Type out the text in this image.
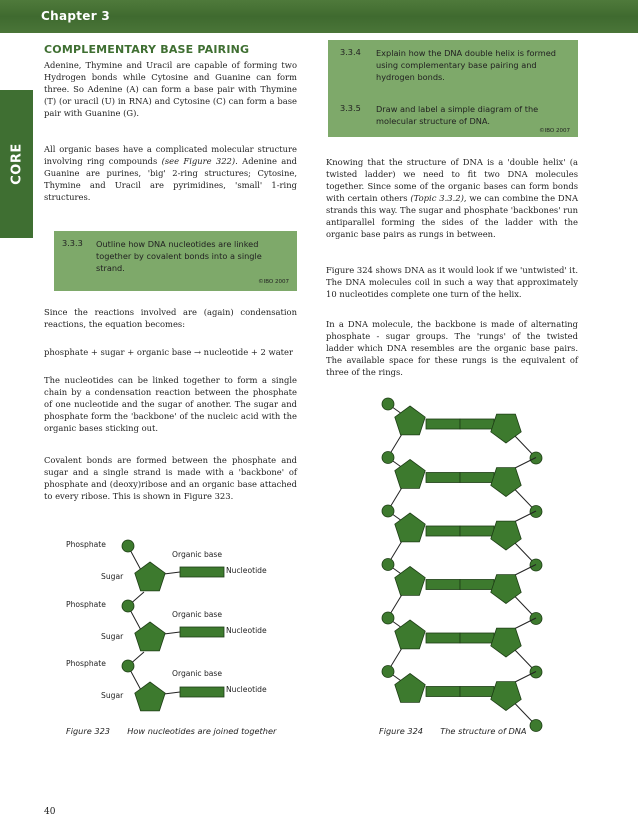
Chapter 3
CORE
COMPLEMENTARY BASE PAIRING

Adenine, Thymine and Uracil are capable of forming two Hydrogen bonds while Cytosine and Guanine can form three. So Adenine (A) can form a base pair with Thymine (T) (or uracil (U) in RNA) and Cytosine (C) can form a base pair with Guanine (G).

All organic bases have a complicated molecular structure involving ring compounds (see Figure 322). Adenine and Guanine are purines, 'big' 2-ring structures; Cytosine, Thymine and Uracil are pyrimidines, 'small' 1-ring structures.

3.3.3 Outline how DNA nucleotides are linked together by covalent bonds into a single strand.
©IBO 2007

Since the reactions involved are (again) condensation reactions, the equation becomes:

phosphate + sugar + organic base → nucleotide + 2 water

The nucleotides can be linked together to form a single chain by a condensation reaction between the phosphate of one nucleotide and the sugar of another. The sugar and phosphate form the 'backbone' of the nucleic acid with the organic bases sticking out.

Covalent bonds are formed between the phosphate and sugar and a single strand is made with a 'backbone' of phosphate and (deoxy)ribose and an organic base attached to every ribose. This is shown in Figure 323.

3.3.4 Explain how the DNA double helix is formed using complementary base pairing and hydrogen bonds.
3.3.5 Draw and label a simple diagram of the molecular structure of DNA.
©IBO 2007

Knowing that the structure of DNA is a 'double helix' (a twisted ladder) we need to fit two DNA molecules together. Since some of the organic bases can form bonds with certain others (Topic 3.3.2), we can combine the DNA strands this way. The sugar and phosphate 'backbones' run antiparallel forming the sides of the ladder with the organic base pairs as rungs in between.

Figure 324 shows DNA as it would look if we 'untwisted' it. The DNA molecules coil in such a way that approximately 10 nucleotides complete one turn of the helix.

In a DNA molecule, the backbone is made of alternating phosphate - sugar groups. The 'rungs' of the twisted ladder which DNA resembles are the organic base pairs. The available space for these rungs is the equivalent of three of the rings.

Phosphate
Organic base
Nucleotide
Sugar
Phosphate
Organic base
Nucleotide
Sugar
Phosphate
Organic base
Nucleotide
Sugar
Figure 323 How nucleotides are joined together	Figure 324 The structure of DNA
40
